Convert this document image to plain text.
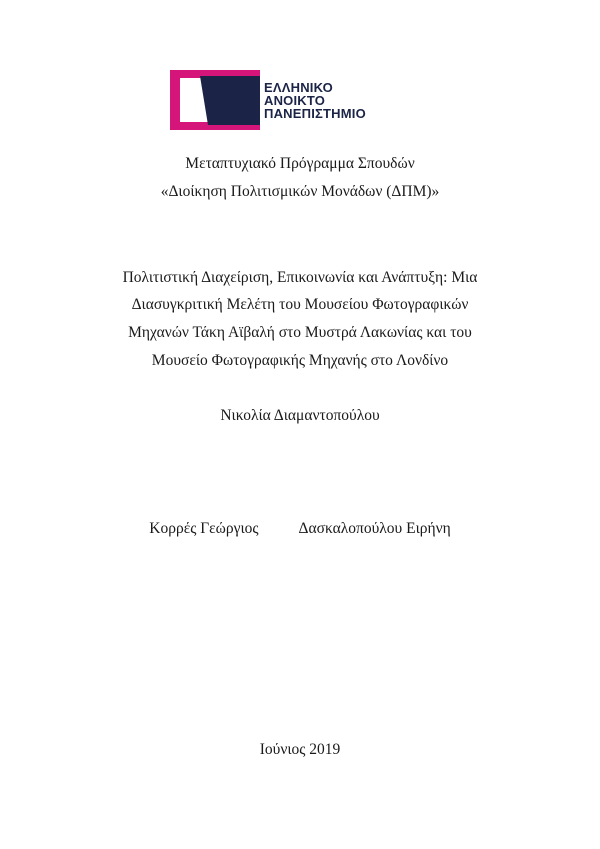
ΕΛΛΗΝΙΚΟ
ΑΝΟΙΚΤΟ
ΠΑΝΕΠΙΣΤΗΜΙΟ
Μεταπτυχιακό Πρόγραμμα Σπουδών
«Διοίκηση Πολιτισμικών Μονάδων (ΔΠΜ)»
Πολιτιστική Διαχείριση, Επικοινωνία και Ανάπτυξη: Μια
Διασυγκριτική Μελέτη του Μουσείου Φωτογραφικών
Μηχανών Τάκη Αϊβαλή στο Μυστρά Λακωνίας και του
Μουσείο Φωτογραφικής Μηχανής στο Λονδίνο
Νικολία Διαμαντοπούλου
Κορρές Γεώργιος	Δασκαλοπούλου Ειρήνη
Ιούνιος 2019
